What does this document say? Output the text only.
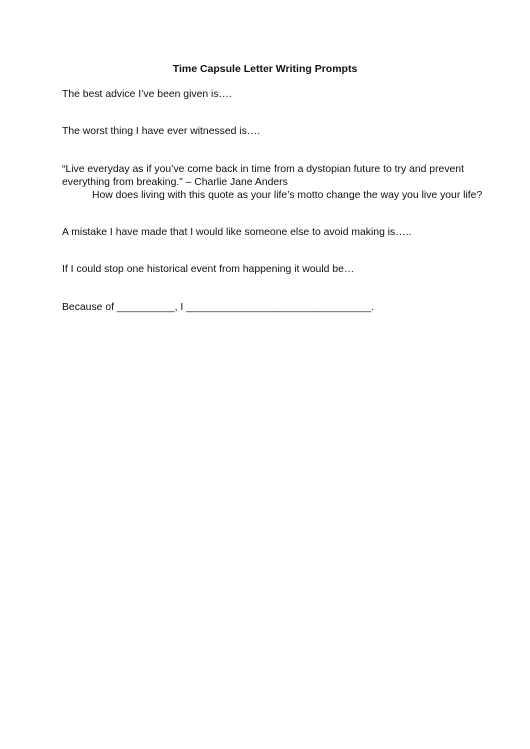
Time Capsule Letter Writing Prompts
The best advice I’ve been given is….
The worst thing I have ever witnessed is….
“Live everyday as if you’ve come back in time from a dystopian future to try and prevent
everything from breaking.” – Charlie Jane Anders
How does living with this quote as your life’s motto change the way you live your life?
A mistake I have made that I would like someone else to avoid making is…..
If I could stop one historical event from happening it would be…
Because of __________, I ________________________________.
